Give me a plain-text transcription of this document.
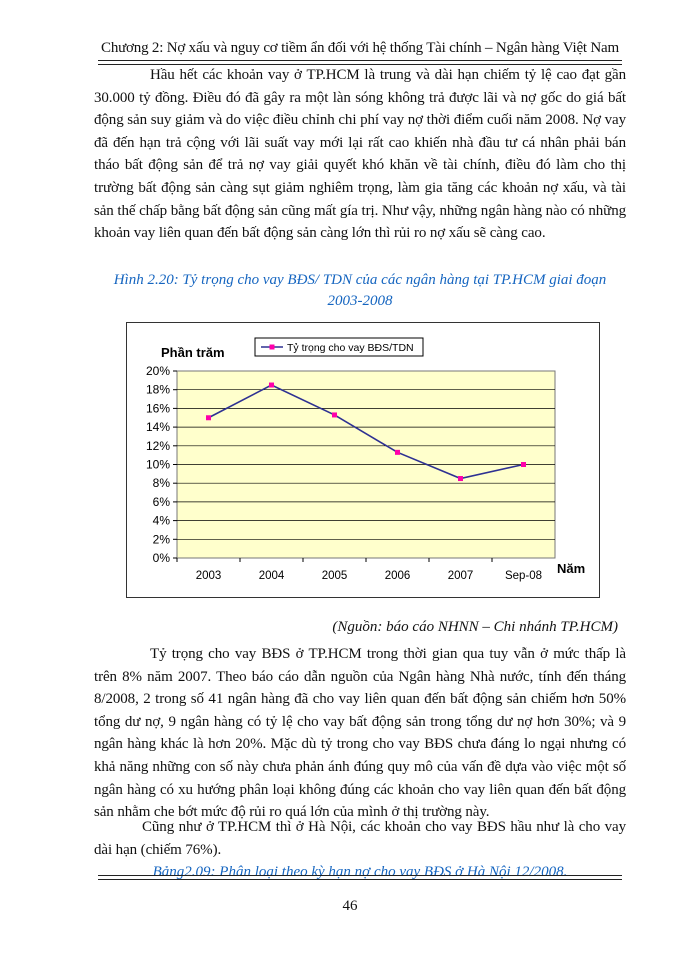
Chương 2: Nợ xấu và nguy cơ tiềm ẩn đối với hệ thống Tài chính – Ngân hàng Việt Nam

Hầu hết các khoản vay ở TP.HCM là trung và dài hạn chiếm tỷ lệ cao đạt gần 30.000 tỷ đồng. Điều đó đã gây ra một làn sóng không trả được lãi và nợ gốc do giá bất động sản suy giảm và do việc điều chỉnh chi phí vay nợ thời điểm cuối năm 2008. Nợ vay đã đến hạn trả cộng với lãi suất vay mới lại rất cao khiến nhà đầu tư cá nhân phải bán tháo bất động sản để trả nợ vay giải quyết khó khăn về tài chính, điều đó làm cho thị trường bất động sản càng sụt giảm nghiêm trọng, làm gia tăng các khoản nợ xấu, và tài sản thế chấp bằng bất động sản cũng mất gía trị. Như vậy, những ngân hàng nào có những khoản vay liên quan đến bất động sản càng lớn thì rủi ro nợ xấu sẽ càng cao.

Hình 2.20: Tỷ trọng cho vay BĐS/ TDN của các ngân hàng tại TP.HCM giai đoạn 2003-2008
0%
2%
4%
6%
8%
10%
12%
14%
16%
18%
20%
2003	2004	2005	2006	2007	Sep-08
Phần trăm
Năm
Tỷ trọng cho vay BĐS/TDN
(Nguồn: báo cáo NHNN – Chi nhánh TP.HCM)

Tỷ trọng cho vay BĐS ở TP.HCM trong thời gian qua tuy vẫn ở mức thấp là trên 8% năm 2007. Theo báo cáo dẫn nguồn của Ngân hàng Nhà nước, tính đến tháng 8/2008, 2 trong số 41 ngân hàng đã cho vay liên quan đến bất động sản chiếm hơn 50% tổng dư nợ, 9 ngân hàng có tỷ lệ cho vay bất động sản trong tổng dư nợ hơn 30%; và 9 ngân hàng khác là hơn 20%. Mặc dù tỷ trong cho vay BĐS chưa đáng lo ngại nhưng có khả năng những con số này chưa phản ánh đúng quy mô của vấn đề dựa vào việc một số ngân hàng có xu hướng phân loại không đúng các khoản cho vay liên quan đến bất động sản nhằm che bớt mức độ rủi ro quá lớn của mình ở thị trường này.

Cũng như ở TP.HCM thì ở Hà Nội, các khoản cho vay BĐS hầu như là cho vay dài hạn (chiếm 76%).

Bảng2.09: Phân loại theo kỳ hạn nợ cho vay BĐS ở Hà Nội 12/2008.
46
